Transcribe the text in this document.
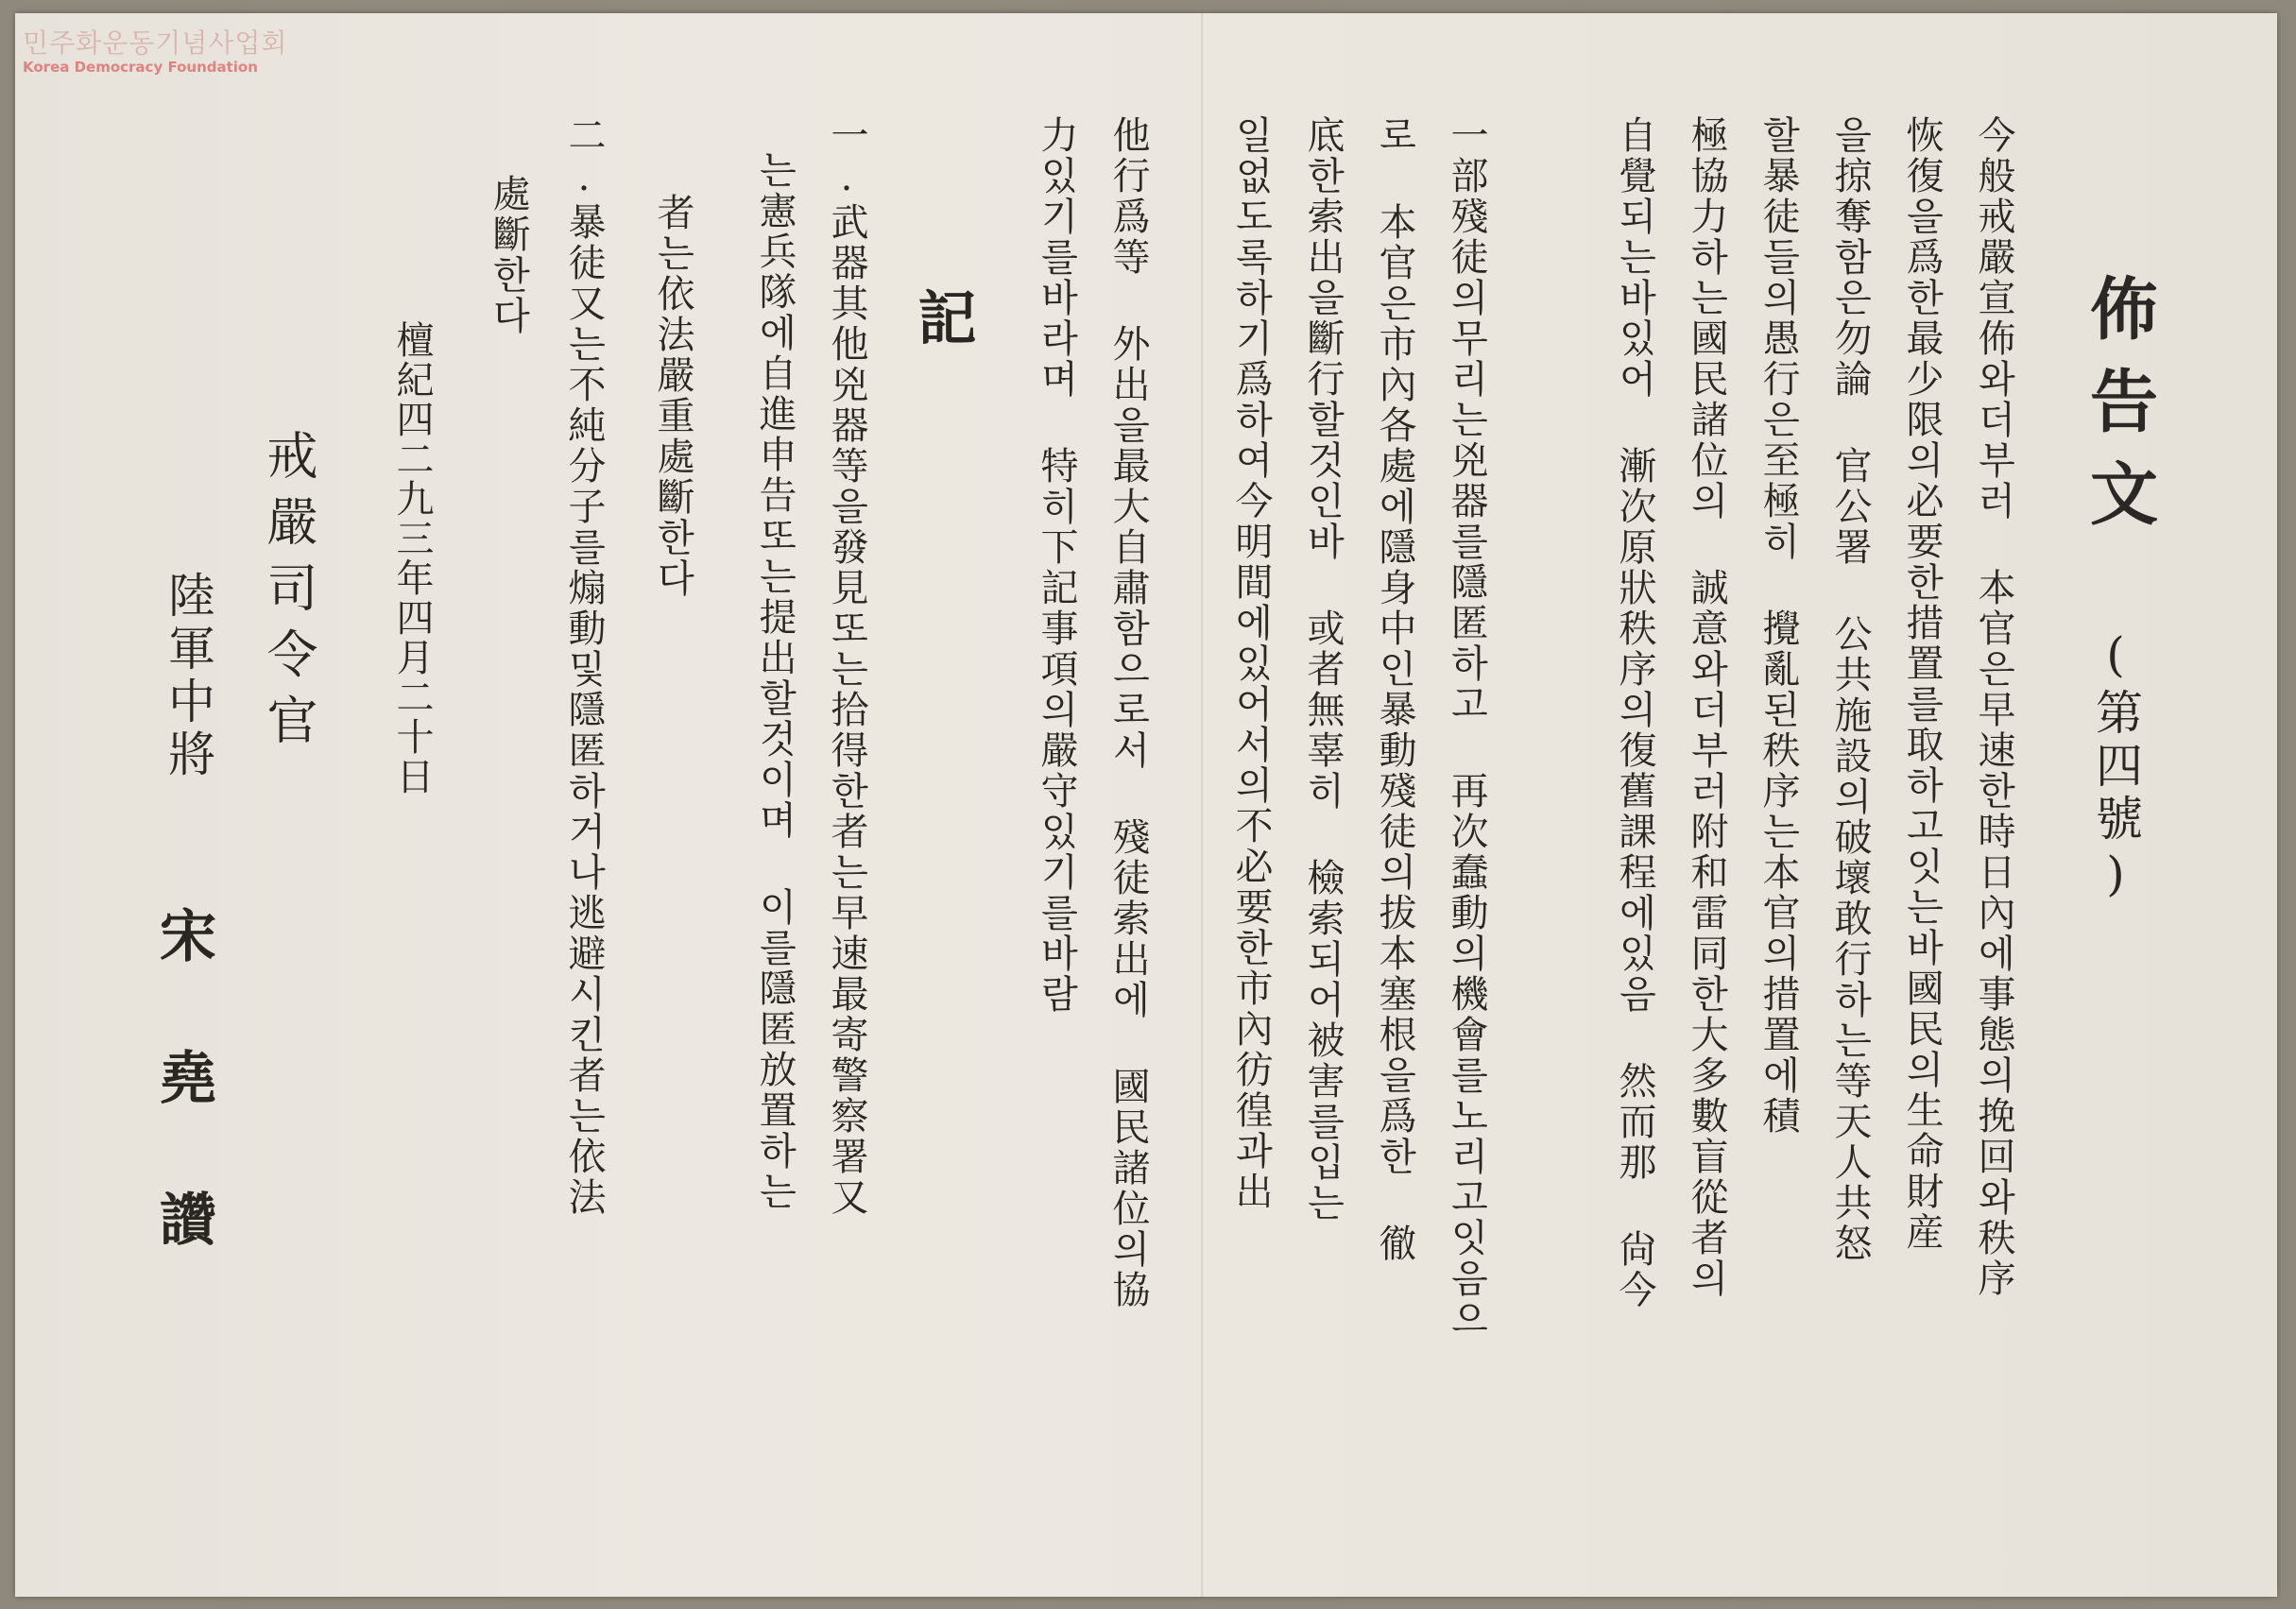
민주화운동기념사업회
Korea Democracy Foundation
佈告文
(第四號)
今般戒嚴宣佈와더부러 本官은早速한時日內에事態의挽回와秩序
恢復을爲한最少限의必要한措置를取하고잇는바國民의生命財産
을掠奪함은勿論 官公署 公共施設의破壞敢行하는等天人共怒
할暴徒들의愚行은至極히 攪亂된秩序는本官의措置에積
極協力하는國民諸位의 誠意와더부러附和雷同한大多數盲從者의
自覺되는바있어 漸次原狀秩序의復舊課程에있음 然而那 尙今
一部殘徒의무리는兇器를隱匿하고 再次蠢動의機會를노리고잇음으
로 本官은市內各處에隱身中인暴動殘徒의拔本塞根을爲한 徹
底한索出을斷行할것인바 或者無辜히 檢索되어被害를입는
일없도록하기爲하여今明間에있어서의不必要한市內彷徨과出
他行爲等 外出을最大自肅함으로서 殘徒索出에 國民諸位의協
力있기를바라며 特히下記事項의嚴守있기를바람
記
一.武器其他兇器等을發見또는拾得한者는早速最寄警察署又
는憲兵隊에自進申告또는提出할것이며 이를隱匿放置하는
者는依法嚴重處斷한다
二.暴徒又는不純分子를煽動및隱匿하거나逃避시킨者는依法
處斷한다
檀紀四二九三年四月二十日
戒嚴司令官
陸軍中將
宋堯讚
